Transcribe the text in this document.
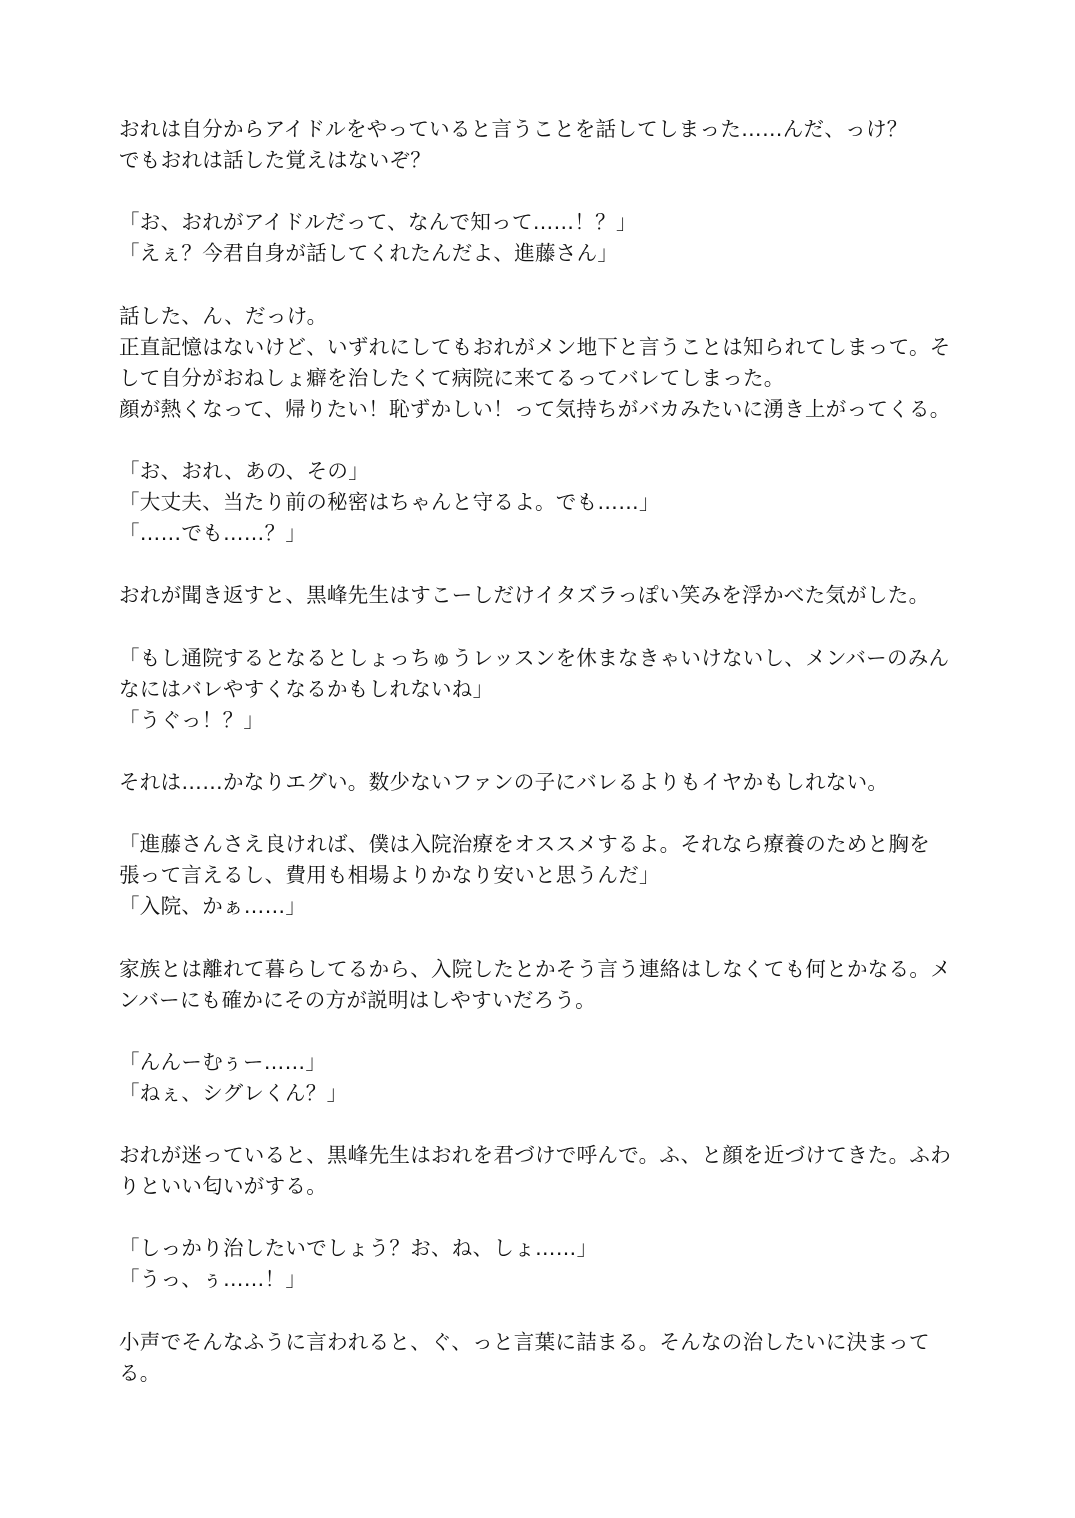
おれは自分からアイドルをやっていると言うことを話してしまった……んだ、っけ？
でもおれは話した覚えはないぞ？
「お、おれがアイドルだって、なんで知って……！？」
「えぇ？今君自身が話してくれたんだよ、進藤さん」
話した、ん、だっけ。
正直記憶はないけど、いずれにしてもおれがメン地下と言うことは知られてしまって。そ
して自分がおねしょ癖を治したくて病院に来てるってバレてしまった。
顔が熱くなって、帰りたい！恥ずかしい！って気持ちがバカみたいに湧き上がってくる。
「お、おれ、あの、その」
「大丈夫、当たり前の秘密はちゃんと守るよ。でも……」
「……でも……？」
おれが聞き返すと、黒峰先生はすこーしだけイタズラっぽい笑みを浮かべた気がした。
「もし通院するとなるとしょっちゅうレッスンを休まなきゃいけないし、メンバーのみん
なにはバレやすくなるかもしれないね」
「うぐっ！？」
それは……かなりエグい。数少ないファンの子にバレるよりもイヤかもしれない。
「進藤さんさえ良ければ、僕は入院治療をオススメするよ。それなら療養のためと胸を
張って言えるし、費用も相場よりかなり安いと思うんだ」
「入院、かぁ……」
家族とは離れて暮らしてるから、入院したとかそう言う連絡はしなくても何とかなる。メ
ンバーにも確かにその方が説明はしやすいだろう。
「んんーむぅー……」
「ねぇ、シグレくん？」
おれが迷っていると、黒峰先生はおれを君づけで呼んで。ふ、と顔を近づけてきた。ふわ
りといい匂いがする。
「しっかり治したいでしょう？お、ね、しょ……」
「うっ、ぅ……！」
小声でそんなふうに言われると、ぐ、っと言葉に詰まる。そんなの治したいに決まって
る。
